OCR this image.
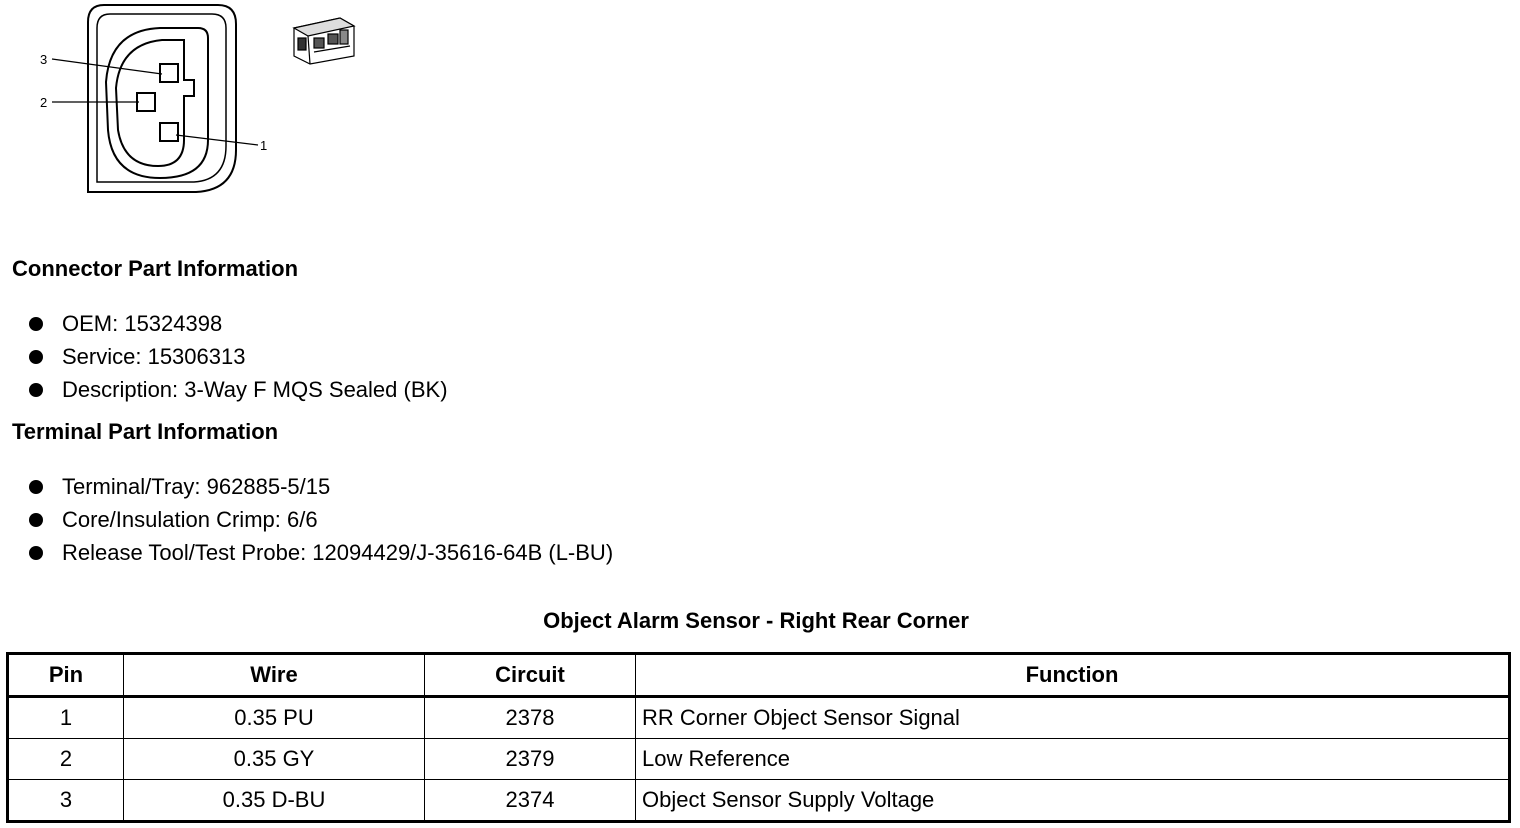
3
2
1
Connector Part Information
OEM: 15324398
Service: 15306313
Description: 3-Way F MQS Sealed (BK)
Terminal Part Information
Terminal/Tray: 962885-5/15
Core/Insulation Crimp: 6/6
Release Tool/Test Probe: 12094429/J-35616-64B (L-BU)
Object Alarm Sensor - Right Rear Corner
Pin	Wire	Circuit	Function
1	0.35 PU	2378	RR Corner Object Sensor Signal
2	0.35 GY	2379	Low Reference
3	0.35 D-BU	2374	Object Sensor Supply Voltage
